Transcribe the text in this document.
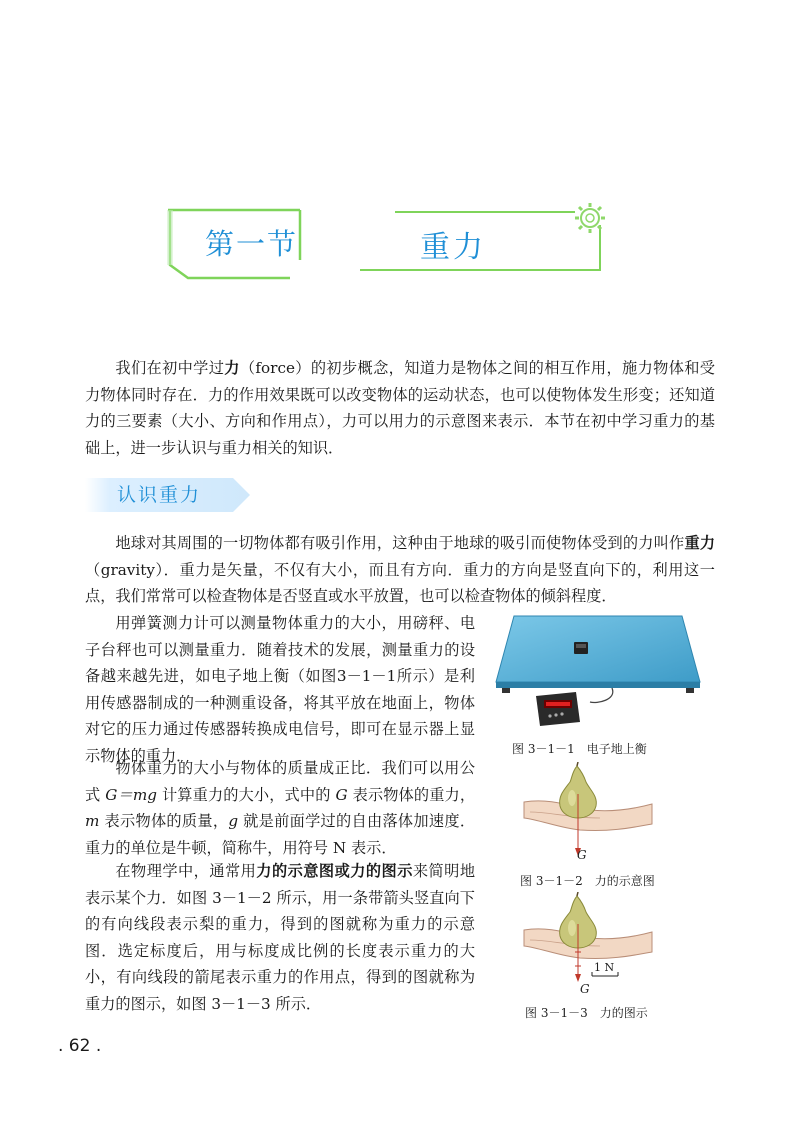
第一节	重力

我们在初中学过力（force）的初步概念，知道力是物体之间的相互作用，施力物体和受力物体同时存在．力的作用效果既可以改变物体的运动状态，也可以使物体发生形变；还知道力的三要素（大小、方向和作用点），力可以用力的示意图来表示．本节在初中学习重力的基础上，进一步认识与重力相关的知识．

认识重力

地球对其周围的一切物体都有吸引作用，这种由于地球的吸引而使物体受到的力叫作重力（gravity）．重力是矢量，不仅有大小，而且有方向．重力的方向是竖直向下的，利用这一点，我们常常可以检查物体是否竖直或水平放置，也可以检查物体的倾斜程度．

用弹簧测力计可以测量物体重力的大小，用磅秤、电子台秤也可以测量重力．随着技术的发展，测量重力的设备越来越先进，如电子地上衡（如图3－1－1所示）是利用传感器制成的一种测重设备，将其平放在地面上，物体对它的压力通过传感器转换成电信号，即可在显示器上显示物体的重力．

物体重力的大小与物体的质量成正比．我们可以用公式 G＝mg 计算重力的大小，式中的 G 表示物体的重力，m 表示物体的质量，g 就是前面学过的自由落体加速度．重力的单位是牛顿，简称牛，用符号 N 表示．

在物理学中，通常用力的示意图或力的图示来简明地表示某个力．如图 3－1－2 所示，用一条带箭头竖直向下的有向线段表示梨的重力，得到的图就称为重力的示意图．选定标度后，用与标度成比例的长度表示重力的大小，有向线段的箭尾表示重力的作用点，得到的图就称为重力的图示，如图 3－1－3 所示．

图 3－1－1　电子地上衡
G
图 3－1－2　力的示意图
1 N
G
图 3－1－3　力的图示
. 62 .
